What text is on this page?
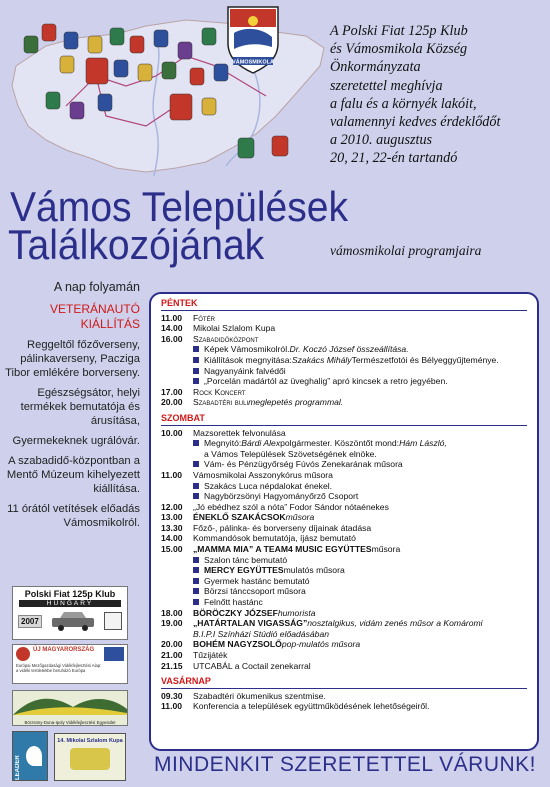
VÁMOSMIKOLA
A Polski Fiat 125p Klub
és Vámosmikola Község
Önkormányzata
szeretettel meghívja
a falu és a környék lakóit,
valamennyi kedves érdeklődőt
a 2010. augusztus
20, 21, 22-én tartandó
Vámos Települések
Találkozójának	vámosmikolai programjaira
A nap folyamán
VETERÁNAUTÓ KIÁLLÍTÁS
Reggeltől főzőverseny, pálinkaverseny, Pacziga Tibor emlékére borverseny.
Egészségsátor, helyi termékek bemutatója és árusítása,
Gyermekeknek ugrálóvár.
A szabadidő-központban a Mentő Múzeum kihelyezett kiállítása.
11 órától vetítések előadás Vámosmikolról.
Polski Fiat 125p Klub
HUNGARY
2007
ÚJ MAGYARORSZÁG
Európai Mezőgazdasági Vidékfejlesztési Alap:
a vidéki területekbe beruházó Európa
Börzsöny-Duna-Ipoly Vidékfejlesztési Egyesület
LEADER
14. Mikolai Szlalom Kupa
PÉNTEK
11.00	Főtér
14.00	Mikolai Szlalom Kupa
16.00	Szabadidőközpont
Képek Vámosmikolról. Dr. Koczó József összeállítása.
Kiállítások megnyitása: Szakács Mihály Természetfotói és Bélyeggyűjteménye.
Nagyanyáink falvédői
„Porcelán madártól az üveghalig” apró kincsek a retro jegyében.
17.00	Rock Koncert
20.00	Szabadtéri buli meglepetés programmal.
SZOMBAT
10.00	Mazsorettek felvonulása
Megnyitó: Bárdi Alex polgármester. Köszöntőt mond: Hám László,
a Vámos Települések Szövetségének elnöke.
Vám- és Pénzügyőrség Fúvós Zenekarának műsora
11.00	Vámosmikolai Asszonykórus műsora
Szakács Luca népdalokat énekel.
Nagybörzsönyi Hagyományőrző Csoport
12.00	„Jó ebédhez szól a nóta” Fodor Sándor nótaénekes
13.00	ÉNEKLŐ SZAKÁCSOK műsora
13.30	Főző-, pálinka- és borverseny díjainak átadása
14.00	Kommandósok bemutatója, íjász bemutató
15.00	„MAMMA MIA” A TEAM4 MUSIC EGYÜTTES műsora
Szalon tánc bemutató
MERCY EGYÜTTES mulatós műsora
Gyermek hastánc bemutató
Börzsi tánccsoport műsora
Felnőtt hastánc
18.00	BÖRÖCZKY JÓZSEF humorista
19.00	„HATÁRTALAN VIGASSÁG” nosztalgikus, vidám zenés műsor a Komáromi
B.I.P.I Színházi Stúdió előadásában
20.00	BOHÉM NAGYZSOLŐ pop-mulatós műsora
21.00	Tűzijáték
21.15	UTCABÁL a Coctail zenekarral
VASÁRNAP
09.30	Szabadtéri ökumenikus szentmise.
11.00	Konferencia a települések együttműködésének lehetőségeiről.
MINDENKIT SZERETETTEL VÁRUNK!
